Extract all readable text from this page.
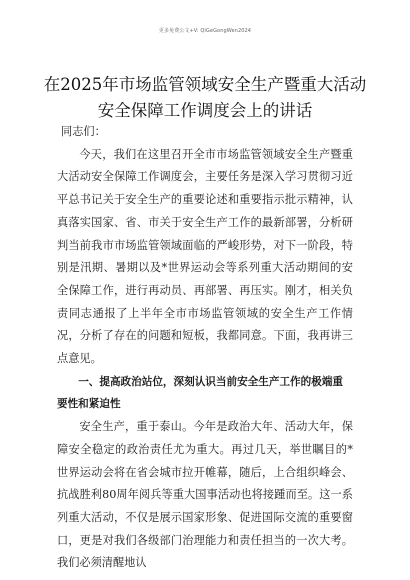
更多免费公文+V: QiGeGongWen2024
在2025年市场监管领域安全生产暨重大活动
安全保障工作调度会上的讲话

同志们：

今天，我们在这里召开全市市场监管领域安全生产暨重大活动安全保障工作调度会，主要任务是深入学习贯彻习近平总书记关于安全生产的重要论述和重要指示批示精神，认真落实国家、省、市关于安全生产工作的最新部署，分析研判当前我市市场监管领域面临的严峻形势，对下一阶段，特别是汛期、暑期以及*世界运动会等系列重大活动期间的安全保障工作，进行再动员、再部署、再压实。刚才，相关负责同志通报了上半年全市市场监管领域的安全生产工作情况，分析了存在的问题和短板，我都同意。下面，我再讲三点意见。

一、提高政治站位，深刻认识当前安全生产工作的极端重要性和紧迫性

安全生产，重于泰山。今年是政治大年、活动大年，保障安全稳定的政治责任尤为重大。再过几天，举世瞩目的*世界运动会将在省会城市拉开帷幕，随后，上合组织峰会、抗战胜利80周年阅兵等重大国事活动也将接踵而至。这一系列重大活动，不仅是展示国家形象、促进国际交流的重要窗口，更是对我们各级部门治理能力和责任担当的一次大考。我们必须清醒地认
